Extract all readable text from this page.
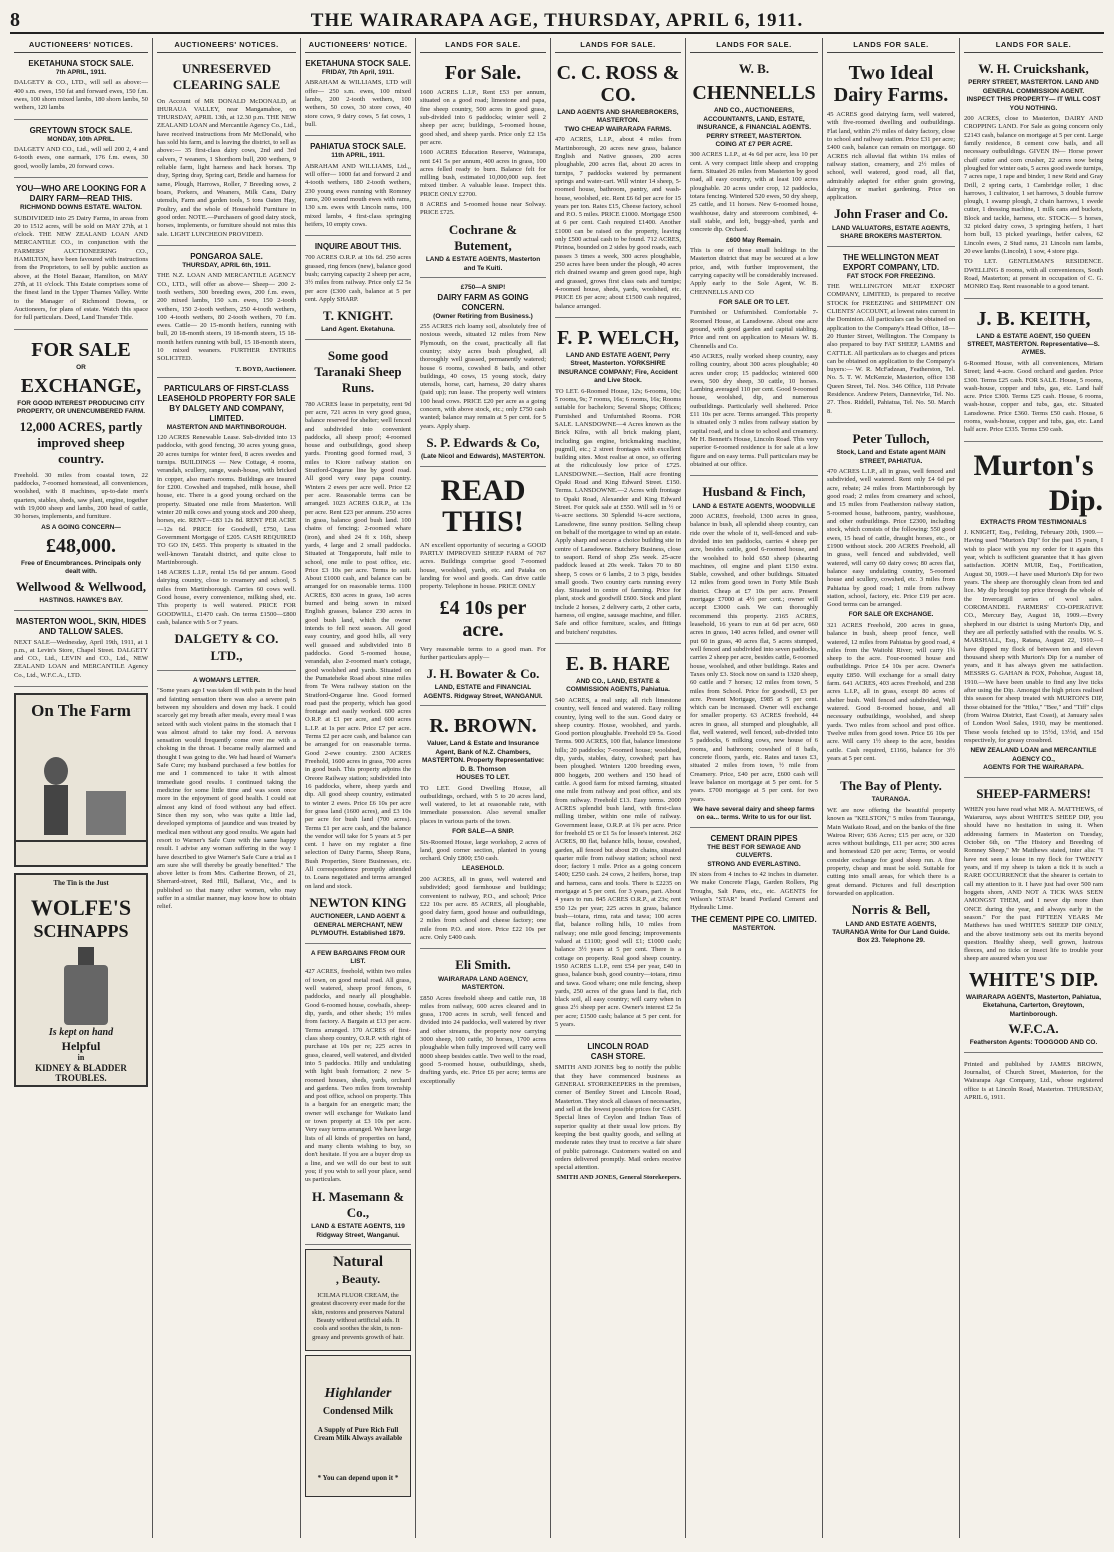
8	THE WAIRARAPA AGE, THURSDAY, APRIL 6, 1911.
AUCTIONEERS' NOTICES.
EKETAHUNA STOCK SALE.
7th APRIL, 1911.
DALGETY & CO., LTD., will sell as above:— 400 s.m. ewes, 150 fat and forward ewes, 150 f.m. ewes, 100 shorn mixed lambs, 180 shorn lambs, 50 wethers, 120 lambs
GREYTOWN STOCK SALE.
MONDAY, 10th APRIL.
DALGETY AND CO., Ltd., will sell 200 2, 4 and 6-tooth ewes, one earmark, 176 f.m. ewes, 30 good, woolly lambs, 20 forward cows.
YOU—WHO ARE LOOKING FOR A DAIRY FARM—READ THIS.
RICHMOND DOWNS ESTATE. WALTON.
SUBDIVIDED into 25 Dairy Farms, in areas from 20 to 1512 acres, will be sold on MAY 27th, at 1 o'clock. THE NEW ZEALAND LOAN AND MERCANTILE CO., in conjunction with the FARMERS' AUCTIONEERING CO., HAMILTON, have been favoured with instructions from the Proprietors, to sell by public auction as above, at the Hotel Bazaar, Hamilton, on MAY 27th, at 11 o'clock. This Estate comprises some of the finest land in the Upper Thames Valley. Write to the Manager of Richmond Downs, or Auctioneers, for plans of estate. Watch this space for full particulars. Deed, Land Transfer Title.
FOR SALE
OR
EXCHANGE,
FOR GOOD INTEREST PRODUCING CITY PROPERTY, OR UNENCUMBERED FARM.
12,000 ACRES, partly improved sheep country.
Freehold. 30 miles from coastal town, 22 paddocks, 7-roomed homestead, all conveniences, woolshed, with 8 machines, up-to-date men's quarters, stables, sheds, saw plant, engine, together with 19,000 sheep and lambs, 200 head of cattle, 30 horses, implements, and furniture.
AS A GOING CONCERN—
£48,000.
Free of Encumbrances. Principals only dealt with.
Wellwood & Wellwood,
HASTINGS. HAWKE'S BAY.
MASTERTON WOOL, SKIN, HIDES AND TALLOW SALES.
NEXT SALE—Wednesday, April 19th, 1911, at 1 p.m., at Levin's Store, Chapel Street. DALGETY and CO., Ltd., LEVIN and CO., Ltd., NEW ZEALAND LOAN and MERCANTILE Agency Co., Ltd., W.F.C.A., LTD.
On The Farm
The Tin is the Just
WOLFE'S
SCHNAPPS
Is kept on hand
Helpful
in
KIDNEY & BLADDER TROUBLES.
AUCTIONEERS' NOTICES.
UNRESERVED CLEARING SALE
On Account of MR DONALD McDONALD, at IHURAUA VALLEY, near Mangamahoe, on THURSDAY, APRIL 13th, at 12.30 p.m. THE NEW ZEALAND LOAN and Mercantile Agency Co., Ltd., have received instructions from Mr McDonald, who has sold his farm, and is leaving the district, to sell as above:— 35 first-class dairy cows, 2nd and 3rd calvers, 7 weaners, 1 Shorthorn bull, 200 wethers, 9 reliable farm, light harness and hack horses. Tip dray, Spring dray, Spring cart, Bridle and harness for same, Plough, Harrows, Roller, 7 Breeding sows, 2 boars, Porkers, and Weaners, Milk Cans, Dairy utensils, Farm and garden tools, 5 tons Oaten Hay, Poultry, and the whole of Household Furniture in good order. NOTE.—Purchasers of good dairy stock, horses, implements, or furniture should not miss this sale. LIGHT LUNCHEON PROVIDED.
PONGAROA SALE.
THURSDAY, APRIL 6th, 1911.
THE N.Z. LOAN AND MERCANTILE AGENCY CO., LTD., will offer as above— Sheep— 200 2-tooth wethers, 300 breeding ewes, 200 f.m. ewes, 200 mixed lambs, 150 s.m. ewes, 150 2-tooth wethers, 150 2-tooth wethers, 250 4-tooth wethers, 100 4-tooth wethers, 80 2-tooth wethers, 70 f.m. ewes. Cattle— 20 15-month heifers, running with bull, 20 18-month steers, 19 18-month steers, 15 18-month heifers running with bull, 15 18-month steers, 10 mixed weaners. FURTHER ENTRIES SOLICITED.
T. BOYD, Auctioneer.
PARTICULARS OF FIRST-CLASS LEASEHOLD PROPERTY FOR SALE BY DALGETY AND COMPANY, LIMITED.
MASTERTON AND MARTINBOROUGH.
120 ACRES Renewable Lease. Sub-divided into 13 paddocks, with good fencing, 30 acres young grass, 20 acres turnips for winter feed, 8 acres swedes and turnips. BUILDINGS — New Cottage, 4 rooms, verandah, scullery, range, wash-house, with bricked in copper, also man's rooms. Buildings are insured for £200. Cowshed and trapshed, milk house, shell house, etc. There is a good young orchard on the property. Situated one mile from Masterton. Will winter 20 milk cows and young stock and 200 sheep, horses, etc. RENT—£83 12s 8d. RENT PER ACRE—12s 6d. PRICE for Goodwill, £750, Less Government Mortgage of £205. CASH REQUIRED TO GO IN, £455. This property is situated in the well-known Taratahi district, and quite close to Martinborough.
148 ACRES L.I.P., rental 15s 6d per annum. Good dairying country, close to creamery and school, 5 miles from Martinborough. Carries 60 cows well. Good house, every convenience, milking shed, etc. This property is well watered. PRICE FOR GOODWILL, £1470 cash. On terms £1500—£800 cash, balance with 5 or 7 years.
DALGETY & CO. LTD.,
A WOMAN'S LETTER.
"Some years ago I was taken ill with pain in the head and fainting sensation there was also a severe pain between my shoulders and down my back. I could scarcely get my breath after meals, every meal I was seized with such violent pains in the stomach that I was almost afraid to take my food. A nervous sensation would frequently come over me with a choking in the throat. I became really alarmed and thought I was going to die. We had heard of Warner's Safe Cure; my husband purchased a few bottles for me and I commenced to take it with almost immediate good results. I continued taking the medicine for some little time and was soon once more in the enjoyment of good health. I could eat almost any kind of food without any bad effect. Since then my son, who was quite a little lad, developed symptoms of jaundice and was treated by medical men without any good results. We again had resort to Warner's Safe Cure with the same happy result. I advise any woman suffering in the way I have described to give Warner's Safe Cure a trial as I am sure she will thereby be greatly benefited." The above letter is from Mrs. Catherine Brown, of 21, Sherrard-street, Red Hill, Ballarat, Vic., and is published so that many other women, who may suffer in a similar manner, may know how to obtain relief.
AUCTIONEERS' NOTICE.
EKETAHUNA STOCK SALE.
FRIDAY, 7th April, 1911.
ABRAHAM & WILLIAMS, LTD will offer— 250 s.m. ewes, 100 mixed lambs, 200 2-tooth wethers, 100 wethers, 50 cows, 30 store cows, 40 store cows, 9 dairy cows, 5 fat cows, 1 bull.
PAHIATUA STOCK SALE.
11th APRIL, 1911.
ABRAHAM AND WILLIAMS, Ltd.,, will offer— 1000 fat and forward 2 and 4-tooth wethers, 180 2-tooth wethers, 230 young ewes running with Romney rams, 200 sound mouth ewes with rams, 130 s.m. ewes with Lincoln rams, 100 mixed lambs, 4 first-class springing heifers, 10 empty cows.
INQUIRE ABOUT THIS.
700 ACRES O.R.P. at 10s 6d. 250 acres grassed, ring fences (new), balance good bush; carrying capacity 2 sheep per acre, 3½ miles from railway. Price only £2 5s per acre (£300 cash, balance at 5 per cent. Apply SHARP.
T. KNIGHT.
Land Agent. Eketahuna.
Some good Taranaki Sheep Runs.
780 ACRES lease in perpetuity, rent 9d per acre, 721 acres in very good grass, balance reserved for shelter; well fenced and subdivided into convenient paddocks, all sheep proof; 4-roomed house and outbuildings, good sheep yards. Fronting good formed road, 3 miles to Kiore railway station on Stratford-Ongarue line by good road. All good very easy papa country. Winters 2 ewes per acre well. Price £2 per acre. Reasonable terms can be arranged. 1023 ACRES O.R.P., at 13s per acre. Rent £23 per annum. 250 acres in grass, balance good bush land. 100 chains of fencing; 2-roomed whare (iron), and shed 24 ft x 16ft, sheep yards, 4 large and 2 small paddocks. Situated at Tongaporutu, half mile to school, one mile to post office, etc. Price £3 10s per acre. Terms to suit. About £1000 cash, and balance can be arranged for on reasonable terms. 1100 ACRES, 830 acres in grass, 1s0 acres burned and being sown in mixed English grasses, balance 230 acres in good bush land, which the owner intends to fell next season. All good easy country, and good hills, all very well grassed and subdivided into 8 paddocks. Good 5-roomed house, verandah, also 2-roomed man's cottage, good woolshed and yards. Situated on the Pumateheke Road about nine miles from Te Wera railway station on the Stratford-Ongarue line. Good formed road past the property, which has good frontage and easily worked. 600 acres O.R.P. at £1 per acre, and 600 acres L.I.P. at 1s per acre. Price £7 per acre. Terms £2 per acre cash, and balance can be arranged for on reasonable terms. Good 2-ewe country. 2300 ACRES Freehold, 1600 acres in grass, 700 acres in good bush. This property adjoins the Oreore Railway station; subdivided into 16 paddocks, where, sheep yards and dip. All good sheep country, estimated to winter 2 ewes. Price £6 10s per acre for grass land (1600 acres), and £3 10s per acre for bush land (700 acres). Terms £1 per acre cash, and the balance the vendor will take for 5 years at 5 per cent. I have on my register a fine selection of Dairy Farms, Sheep Runs, Bush Properties, Store Businesses, etc. All correspondence promptly attended to. Loans negotiated and terms arranged on land and stock.
NEWTON KING
AUCTIONEER, LAND AGENT & GENERAL MERCHANT, NEW PLYMOUTH. Established 1879.
A FEW BARGAINS FROM OUR LIST.
427 ACRES, freehold, within two miles of town, on good metal road. All grass, well watered, sheep proof fences, 6 paddocks, and nearly all ploughable. Good 6-roomed house, cowbails, sheep-dip, yards, and other sheds; 1½ miles from factory. A Bargain at £13 per acre. Terms arranged. 170 ACRES of first-class sheep country, O.R.P. with right of purchase at 10s per re; 225 acres in grass, cleared, well watered, and divided into 5 paddocks. Hilly and undulating with light bush formation; 2 new 5-roomed houses, sheds, yards, orchard and gardens. Two miles from township and post office, school on property. This is a bargain for an energetic man; the owner will exchange for Waikato land or town property at £3 10s per acre. Very easy terms arranged. We have large lists of all kinds of properties on hand, and many clients wishing to buy, so don't hesitate. If you are a buyer drop us a line, and we will do our best to suit you; if you wish to sell your place, send us particulars.
H. Masemann & Co.,
LAND & ESTATE AGENTS, 119 Ridgway Street, Wanganui.
Natural
, Beauty.
ICILMA FLUOR CREAM, the greatest discovery ever made for the skin, restores and preserves Natural Beauty without artificial aids. It cools and soothes the skin, is non-greasy and prevents growth of hair.
Highlander
Condensed Milk
A Supply of Pure Rich Full Cream Milk Always available
* You can depend upon it *
LANDS FOR SALE.
For Sale.
1600 ACRES L.I.P., Rent £53 per annum, situated on a good road; limestone and papa, fine sheep country, 500 acres in good grass, sub-divided into 6 paddocks; winter well 2 sheep per acre; buildings, 5-roomed house, good shed, and sheep yards. Price only £2 15s per acre.
1600 ACRES Education Reserve, Wairarapa, rent £41 5s per annum, 400 acres in grass, 100 acres felled ready to burn. Balance felt for milling bush, estimated 10,000,000 sup. feet mixed timber. A valuable lease. Inspect this. PRICE ONLY £2700.
8 ACRES and 5-roomed house near Solway. PRICE £725.
Cochrane & Butement,
LAND & ESTATE AGENTS, Masterton and Te Kuiti.
£750—A SNIP!
DAIRY FARM AS GOING CONCERN.
(Owner Retiring from Business.)
255 ACRES rich loamy soil, absolutely free of noxious weeds, situated 12 miles from New Plymouth, on the coast, practically all flat country; sixty acres bush ploughed, all thoroughly well grassed, permanently watered; house 6 rooms, cowshed 8 bails, and other buildings, 40 cows, 15 young stock, dairy utensils, horse, cart, harness, 20 dairy shares (paid up); run lease. The property well winters 100 head cows. PRICE £20 per acre as a going concern, with above stock, etc.; only £750 cash wanted; balance may remain at 5 per cent. for 5 years. Apply sharp.
S. P. Edwards & Co,
(Late Nicol and Edwards), MASTERTON.
READ THIS!
AN excellent opportunity of securing a GOOD PARTLY IMPROVED SHEEP FARM of 767 acres. Buildings comprise good 7-roomed house, woolshed, yards, etc. and Pataka on landing for wool and goods. Can drive cattle property. Telephone in house. PRICE ONLY
£4 10s per acre.
Very reasonable terms to a good man. For further particulars apply—
J. H. Bowater & Co.
LAND, ESTATE and FINANCIAL AGENTS. Ridgway Street, WANGANUI.
R. BROWN.
Valuer, Land & Estate and Insurance Agent, Bank of N.Z. Chambers, MASTERTON. Property Representative: D. B. Thomson
HOUSES TO LET.
TO LET. Good Dwelling House, all outbuildings, orchard, with 5 to 20 acres land, well watered, to let at reasonable rate, with immediate possession. Also several smaller places in various parts of the town.
FOR SALE—A SNIP.
Six-Roomed House, large workshop, 2 acres of land, good corner section, planted in young orchard. Only £800; £50 cash.
LEASEHOLD.
200 ACRES, all in grass, well watered and subdivided; good farmhouse and buildings; convenient to railway, P.O., and school; Price £22 10s per acre. 85 ACRES, all ploughable, good dairy farm, good house and outbuildings, 2 miles from school and cheese factory; one mile from P.O. and store. Price £22 10s per acre. Only £400 cash.
Eli Smith.
WAIRARAPA LAND AGENCY, MASTERTON.
£850 Acres freehold sheep and cattle run, 18 miles from railway, 600 acres cleared and in grass, 1700 acres in scrub, well fenced and divided into 24 paddocks, well watered by river and other streams, the property now carrying 3000 sheep, 100 cattle, 30 horses, 1700 acres ploughable when fully improved will carry well 8000 sheep besides cattle. Two well to the road, good 5-roomed house, outbuildings, sheds, drafting yards, etc. Price £6 per acre; terms are exceptionally
LANDS FOR SALE.
C. C. ROSS & CO.
LAND AGENTS AND SHAREBROKERS, MASTERTON.
TWO CHEAP WAIRARAPA FARMS.
470 ACRES, L.I.P., about 4 miles from Martinborough, 20 acres new grass, balance English and Native grasses, 200 acres ploughable, 200 acres flat, about 20 acres in turnips, 7 paddocks watered by permanent springs and water-cart. Will winter 14 sheep, 5-roomed house, bathroom, pantry, and wash-house, woolshed, etc. Rent £6 6d per acre for 15 years per ton. Rates £15, Cheese factory, school and P.O. 5 miles. PRICE £1000. Mortgage £500 at 6 per cent. Cash required £1400. Another £1000 can be raised on the property, leaving only £500 actual cash to be found. 712 ACRES, Pirinoa, bounded on 2 sides by good roads, each passes 3 times a week, 300 acres ploughable, 250 acres have been under the plough, 40 acres rich drained swamp and green good rape, high and grassed, grows first class oats and turnips; 4-roomed house, sheds, yards, woolshed, etc. PRICE £6 per acre; about £1500 cash required, balance arranged.
F. P. WELCH,
LAND AND ESTATE AGENT, Perry Street, Masterton. YORKSHIRE INSURANCE COMPANY; Fire, Accident and Live Stock.
TO LET. 6-Roomed House, 12s; 6-rooms, 10s; 5 rooms, 9s; 7 rooms, 16s; 6 rooms, 16s; Rooms suitable for bachelors; Several Shops; Offices; Furnished and Unfurnished Rooms. FOR SALE. LANSDOWNE—4 Acres known as the Brick Kilns, with all brick making plant, including gas engine, brickmaking machine, pugmill, etc.; 2 street frontages with excellent building sites. Most realise at once, so offering at the ridiculously low price of £725. LANSDOWNE.—Section, Half acre fronting Opaki Road and King Edward Street. £150. Terms. LANSDOWNE.—2 Acres with frontage to Opaki Road, Alexander and King Edward Street. For quick sale at £550. Will sell in ½ or ¼-acre sections. 30 Splendid ¼-acre sections, Lansdowne, fine sunny position. Selling cheap on behalf of the mortgagee to wind up an estate. Apply sharp and secure a choice building site in centre of Lansdowne. Butchery Business, close to seaport. Rend of shop 25s week. 25-acre paddock leased at 20s week. Takes 70 to 80 sheep, 5 cows or 6 lambs, 2 to 3 pigs, besides small goods. Two country carts running every day. Situated in centre of farming. Price for plant, stock and goodwill £600. Stock and plant include 2 horses, 2 delivery carts, 2 other carts, harness, oil engine, sausage machine, and filler. Safe and office furniture, scales, and fittings and butchers' requisites.
E. B. HARE
AND CO., LAND, ESTATE & COMMISSION AGENTS, Pahiatua.
540 ACRES, a real snip; all rich limestone country, well fenced and watered. Easy rolling country, lying well to the sun. Good dairy or sheep country. House, woolshed, and yards. Good portion ploughable. Freehold £9 5s. Good Terms. 900 ACRES, 100 flat, balance limestone hills; 20 paddocks; 7-roomed house; woolshed, dip, yards, stables, dairy, cowshed; part has been ploughed. Winters 1200 breeding ewes, 800 hoggets, 200 wethers and 150 head of cattle. A good farm for mixed farming, situated one mile from railway and post office, and six from railway. Freehold £13. Easy terms. 2000 ACRES splendid bush land, with first-class milling timber, within one mile of railway. Government lease, O.R.P. at 1¾ per acre. Price for freehold £5 or £1 5s for lessee's interest. 262 ACRES, 80 flat, balance hills, house, cowshed, garden, all fenced but about 20 chains, situated quarter mile from railway station; school next door; factory 1 mile. Price as a going concern £400; £250 cash. 24 cows, 2 heifers, horse, trap and harness, cans and tools. There is £2235 on mortgage at 5 per cent. for 3 years, part. About 4 years to run. 845 ACRES O.R.P., at 23s; rent £50 12s per year; 225 acres in grass, balance bush—totara, rimu, rata and tawa; 100 acres flat, balance rolling hills, 10 miles from railway; one mile good fencing; improvements valued at £1100; good will £1; £1000 cash; balance 3½ years at 5 per cent. There is a cottage on property. Real good sheep country. 1950 ACRES L.I.P., rent £54 per year, £40 in grass, balance bush, good country—totara, rimu and tawa. Good whare; one mile fencing, sheep yards, 250 acres of the grass land is flat, rich black soil, all easy country; will carry when in grass 2½ sheep per acre. Owner's interest £2 5s per acre; £1500 cash; balance at 5 per cent. for 5 years.
LINCOLN ROAD
CASH STORE.
SMITH AND JONES beg to notify the public that they have commenced business as GENERAL STOREKEEPERS in the premises, corner of Bentley Street and Lincoln Road, Masterton. They stock all classes of necessaries, and sell at the lowest possible prices for CASH. Special lines of Ceylon and Indian Teas of superior quality at their usual low prices. By keeping the best quality goods, and selling at moderate rates they trust to receive a fair share of public patronage. Customers waited on and orders delivered promptly. Mail orders receive special attention.
SMITH AND JONES, General Storekeepers.
LANDS FOR SALE.
W. B.
CHENNELLS
AND CO., AUCTIONEERS, ACCOUNTANTS, LAND, ESTATE, INSURANCE, & FINANCIAL AGENTS. PERRY STREET, MASTERTON.
COING AT £7 PER ACRE.
300 ACRES L.I.P., at 4s 6d per acre, less 10 per cent. A very compact little sheep and cropping farm. Situated 26 miles from Masterton by good road, all easy country, with at least 100 acres ploughable. 20 acres under crop, 12 paddocks, totara fencing. Wintered 520 ewes, 50 dry sheep, 25 cattle, and 11 horses. New 6-roomed house, washhouse, dairy and storeroom combined, 4-stall stable, and loft, buggy-shed, yards and concrete dip. Orchard.
£600 May Remain.
This is one of those small holdings in the Masterton district that may be secured at a low price, and, with further improvement, the carrying capacity will be considerably increased. Apply early to the Sole Agent, W. B. CHENNELLS AND CO
FOR SALE OR TO LET.
Furnished or Unfurnished. Comfortable 7-Roomed House, at Lansdowne. About one acre ground, with good garden and capital stabling. Price and rent on application to Messrs W. B. Chennells and Co.
450 ACRES, really worked sheep country, easy rolling country, about 300 acres ploughable; 40 acres under crop; 15 paddocks; wintered 600 ewes, 500 dry sheep, 30 cattle, 10 horses. Lambing averaged 110 per cent. Good 9-roomed house, woolshed, dip, and numerous outbuildings. Particularly well sheltered. Price £11 10s per acre. Terms arranged. This property is situated only 3 miles from railway station by capital road, and is close to school and creamery. Mr H. Bennett's House, Lincoln Road. This very superior 6-roomed residence is for sale at a low figure and on easy terms. Full particulars may be obtained at our office.
Husband & Finch,
LAND & ESTATE AGENTS, WOODVILLE
2000 ACRES, freehold, 1300 acres in grass, balance in bush, all splendid sheep country, can ride over the whole of it, well-fenced and sub-divided into ten paddocks, carries 4 sheep per acre, besides cattle, good 6-roomed house, and the woolshed to hold 650 sheep (shearing machines, oil engine and plant £150 extra. Stable, cowshed, and other buildings. Situated 12 miles from good town in Forty Mile Bush district. Cheap at £7 10s per acre. Present mortgage £7000 at 4½ per cent.; owner will accept £3000 cash. We can thoroughly recommend this property. 2165 ACRES, leasehold, 16 years to run at 6d per acre, 660 acres in grass, 140 acres felled, and owner will put 60 in grass, 40 acres flat, 5 acres stumped, well fenced and subdivided into seven paddocks, carries 2 sheep per acre, besides cattle, 6-roomed house, woolshed, and other buildings. Rates and Taxes only £3. Stock now on sand is 1320 sheep, 60 cattle and 7 horses; 12 miles from town, 5 miles from School. Price for goodwill, £3 per acre. Present Mortgage, £985 at 5 per cent. which can be increased. Owner will exchange for smaller property. 63 ACRES freehold, 44 acres in grass, all stumped and ploughable, all flat, well watered, well fenced, sub-divided into 5 paddocks, 6 milking cows, new house of 6 rooms, and bathroom; cowshed of 8 bails, concrete floors, yards, etc. Rates and taxes £3, situated 2 miles from town, ½ mile from Creamery. Price, £40 per acre, £600 cash will leave balance on mortgage at 5 per cent. for 5 years. £700 mortgage at 5 per cent. for two years.
We have several dairy and sheep farms on ea... terms. Write to us for our list.
CEMENT DRAIN PIPES
THE BEST FOR SEWAGE AND CULVERTS.
STRONG AND EVERLASTING.
IN sizes from 4 inches to 42 inches in diameter. We make Concrete Flags, Garden Rollers, Pig Troughs, Salt Pans, etc., etc. AGENTS for Wilson's "STAR" brand Portland Cement and Hydraulic Lime.
THE CEMENT PIPE CO. LIMITED.
MASTERTON.
LANDS FOR SALE.
Two Ideal Dairy Farms.
45 ACRES good dairying farm, well watered, with five-roomed dwelling and outbuildings. Flat land, within 2½ miles of dairy factory, close to school and railway station. Price £31 per acre; £400 cash, balance can remain on mortgage. 60 ACRES rich alluvial flat within 1¼ miles of railway station, creamery, and 2½ miles of school, well watered, good road, all flat, admirably adapted for either grain growing, dairying or market gardening. Price on application.
John Fraser and Co.
LAND VALUATORS, ESTATE AGENTS, SHARE BROKERS MASTERTON.
THE WELLINGTON MEAT EXPORT COMPANY, LTD.
FAT STOCK FOR FREEZING.
THE WELLINGTON MEAT EXPORT COMPANY, LIMITED, is prepared to receive STOCK for FREEZING and SHIPMENT ON CLIENTS' ACCOUNT, at lowest rates current in the Dominion. All particulars can be obtained on application to the Company's Head Office, 18—20 Hunter Street, Wellington. The Company is also prepared to buy FAT SHEEP, LAMBS and CATTLE. All particulars as to charges and prices can be obtained on application to the Company's buyers:— W. R. McFadzean, Featherston, Tel. No. 5. T. W. McKenzie, Masterton, office 138 Queen Street, Tel. Nos. 346 Office, 118 Private Residence. Andrew Peters, Dannevirke, Tel. No. 27. Thos. Riddell, Pahiatua, Tel. No. 50. March 8.
Peter Tulloch,
Stock, Land and Estate agent MAIN STREET, PAHIATUA.
470 ACRES L.I.P., all in grass, well fenced and subdivided, well watered. Rent only £4 6d per acre, rebate; 24 miles from Martinborough by good road; 2 miles from creamery and school, and 15 miles from Featherston railway station, 5-roomed house, bathroom, pantry, washhouse, and other outbuildings. Price £2300, including stock, which consists of the following: 550 good ewes, 15 head of cattle, draught horses, etc., or £1900 without stock. 200 ACRES Freehold, all in grass, well fenced and subdivided, well watered, will carry 60 dairy cows; 80 acres flat, balance easy undulating country, 5-roomed house and scullery, cowshed, etc. 3 miles from Pahiatua by good road; 1 mile from railway station, school, factory, etc. Price £19 per acre. Good terms can be arranged.
FOR SALE OR EXCHANGE.
321 ACRES Freehold, 200 acres in grass, balance in bush, sheep proof fence, well watered, 12 miles from Pahiatua by good road, 4 miles from the Waitohi River; will carry 1¾ sheep to the acre. Four-roomed house and outbuildings. Price £4 10s per acre. Owner's equity £850. Will exchange for a small dairy farm. 641 ACRES, 403 acres Freehold, and 238 acres L.I.P., all in grass, except 80 acres of shelter bush. Well fenced and subdivided, Well watered. Good 8-roomed house, and all necessary outbuildings, woolshed, and sheep yards. Two miles from school and post office. Twelve miles from good town. Price £6 10s per acre. Will carry 1½ sheep to the acre, besides cattle. Cash required, £1166, balance for 3½ years at 5 per cent.
The Bay of Plenty.
TAURANGA.
WE are now offering the beautiful property known as "KELSTON," 5 miles from Tauranga, Main Waikato Road, and on the banks of the fine Wairoa River; 636 Acres; £15 per acre, or 320 acres without buildings, £11 per acre; 300 acres and homestead £20 per acre; Terms, or would consider exchange for good sheep run. A fine property, cheap and must be sold. Suitable for cutting into small areas, for which there is a great demand. Pictures and full description forwarded on application.
Norris & Bell,
LAND AND ESTATE AGENTS, TAURANGA Write for Our Land Guide. Box 23. Telephone 29.
LANDS FOR SALE.
W. H. Cruickshank,
PERRY STREET, MASTERTON. LAND AND GENERAL COMMISSION AGENT.
INSPECT THIS PROPERTY— IT WILL COST YOU NOTHING.
200 ACRES, close to Masterton, DAIRY AND CROPPING LAND. For Sale as going concern only £2143 cash, balance on mortgage at 5 per cent. Large family residence, 8 cement cow bails, and all necessary outbuildings. GIVEN IN— Horse power chaff cutter and corn crusher, 22 acres now being ploughed for winter oats, 5 acres good swede turnips, 7 acres rape, 1 rape and binder, 1 new Reid and Gray Drill, 2 spring carts, 1 Cambridge roller, 1 disc harrows, 1 cultivator, 1 set harrows, 3 double furrow plough, 1 swamp plough, 2 chain harrows, 1 swede cutter, 1 dressing machine, 1 milk cans and buckets, Block and tackle, harness, etc. STOCK— 5 horses, 32 picked dairy cows, 3 springing heifers, 1 hart horn bull, 13 picked yearlings, heifer calves, 62 Lincoln ewes, 2 Stud rams, 21 Lincoln ram lambs, 20 ewe lambs (Lincoln), 1 sow, 4 store pigs.
TO LET. GENTLEMAN'S RESIDENCE. DWELLING 8 rooms, with all conveniences, South Road, Masterton; at present in occupation of C. G. MONRO Esq. Rent reasonable to a good tenant.
J. B. KEITH,
LAND & ESTATE AGENT, 150 QUEEN STREET, MASTERTON. Representative—S. AYMES.
6-Roomed House, with all conveniences, Miriam Street; land 4-acre. Good orchard and garden. Price £300. Terms £25 cash. FOR SALE. House, 5 rooms, wash-house, copper and tubs, gas, etc. Land half acre. Price £300. Terms £25 cash. House, 6 rooms, wash-house, copper and tubs, gas, etc. Situated Lansdowne. Price £360. Terms £50 cash. House, 6 rooms, wash-house, copper and tubs, gas, etc. Land half acre. Price £335. Terms £50 cash.
Murton's
Dip.
EXTRACTS FROM TESTIMONIALS
J. KNIGHT, Esq., Feilding, February 20th, 1909.—Having used "Murton's Dip" for the past 15 years, I wish to place with you my order for it again this year, which is sufficient guarantee that it has given satisfaction. JOHN MUIR, Esq., Fortification, August 30, 1909.—I have used Murton's Dip for two years. The sheep are thoroughly clean from ted and lice. My dip brought top price through the whole of the Invercargill series of wool sales. COROMANDEL FARMERS' CO-OPERATIVE CO., Mercury Bay, August 18, 1909.—Every shepherd in our district is using Murton's Dip, and they are all perfectly satisfied with the results. W. S. MARSHALL, Esq., Ratana, August 22, 1910.—I have dipped my flock of between ten and eleven thousand sheep with Murton's Dip for a number of years, and it has always given me satisfaction. MESSRS G. GAHAN & FOX, Pohohue, August 18, 1910.—We have been unable to find any live ticks after using the Dip. Amongst the high prices realised this season for sheep treated with MURTON'S DIP, those obtained for the "Hiku," "Bee," and "Tiff" clips (from Wairoa District, East Coast), at January sales of London Wool Sales, 1910, may be mentioned. These wools fetched up to 15½d, 13½d, and 15d respectively, for greasy crossbred.
NEW ZEALAND LOAN and MERCANTILE AGENCY CO.,
AGENTS FOR THE WAIRARAPA.
SHEEP-FARMERS!
WHEN you have read what MR A. MATTHEWS, of Waiaruroa, says about WHITE'S SHEEP DIP, you should have no hesitation in using it. When addressing farmers in Masterton on Tuesday, October 6th, on "The History and Breeding of Romney Sheep," Mr Matthews stated, inter alia: "I have not seen a louse in my flock for TWENTY years, and if my sheep is taken a tick it is such a RARE OCCURRENCE that the shearer is certain to call my attention to it. I have just had over 500 ram hoggets shorn, AND NOT A TICK WAS SEEN AMONGST THEM, and I never dip more than ONCE during the year, and always early in the season." For the past FIFTEEN YEARS Mr Matthews has used WHITE'S SHEEP DIP ONLY, and the above testimony sets out its merits beyond question. Healthy sheep, well grown, lustrous fleeces, and no ticks or insect life to trouble your sheep are assured when you use
WHITE'S DIP.
WAIRARAPA AGENTS, Masterton, Pahiatua, Eketahuna, Carterton, Greytown, Martinborough.
W.F.C.A.
Featherston Agents: TOOGOOD AND CO.
Printed and published by JAMES BROWN, Journalist, of Church Street, Masterton, for the Wairarapa Age Company, Ltd., whose registered office is at Lincoln Road, Masterton. THURSDAY, APRIL 6, 1911.
